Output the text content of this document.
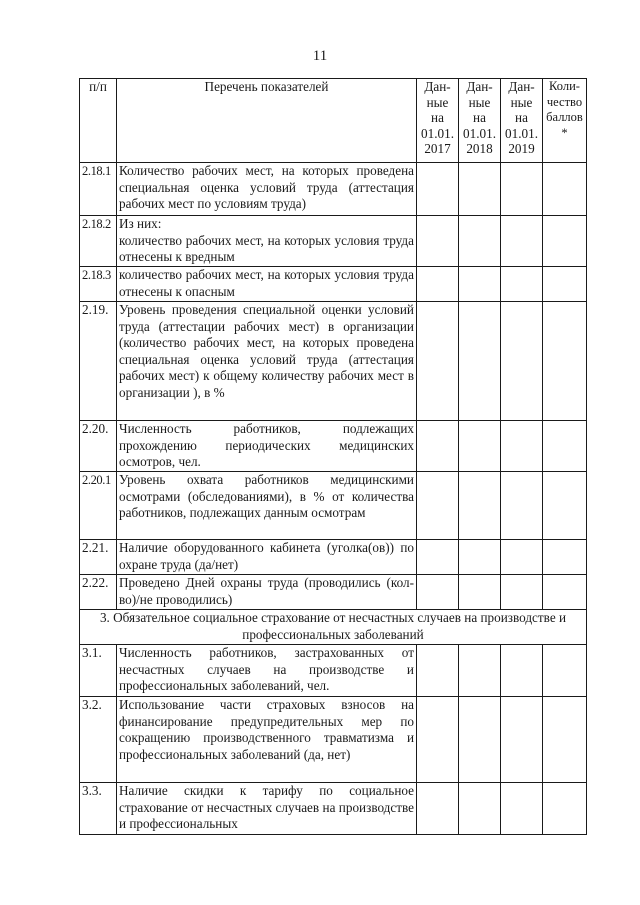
11
п/п	Перечень показателей	Дан-
ные
на
01.01.
2017	Дан-
ные
на
01.01.
2018	Дан-
ные
на
01.01.
2019	Коли-
чество
баллов
*
2.18.1	Количество рабочих мест, на которых проведена специальная оценка условий труда (аттестация рабочих мест по условиям труда)				
2.18.2	Из них:
количество рабочих мест, на которых условия труда отнесены к вредным				
2.18.3	количество рабочих мест, на которых условия труда отнесены к опасным				
2.19.	Уровень проведения специальной оценки условий труда (аттестации рабочих мест) в организации (количество рабочих мест, на которых проведена специальная оценка условий труда (аттестация рабочих мест) к общему количеству рабочих мест в организации ), в %				
2.20.	Численность работников, подлежащих прохождению периодических медицинских осмотров, чел.				
2.20.1	Уровень охвата работников медицинскими осмотрами (обследованиями), в % от количества работников, подлежащих данным осмотрам				
2.21.	Наличие оборудованного кабинета (уголка(ов)) по охране труда (да/нет)				
2.22.	Проведено Дней охраны труда (проводились (кол-во)/не проводились)				
3. Обязательное социальное страхование от несчастных случаев на производстве и профессиональных заболеваний					
3.1.	Численность работников, застрахованных от несчастных случаев на производстве и профессиональных заболеваний, чел.				
3.2.	Использование части страховых взносов на финансирование предупредительных мер по сокращению производственного травматизма и профессиональных заболеваний (да, нет)				
3.3.	Наличие скидки к тарифу по социальное страхование от несчастных случаев на производстве и профессиональных				
